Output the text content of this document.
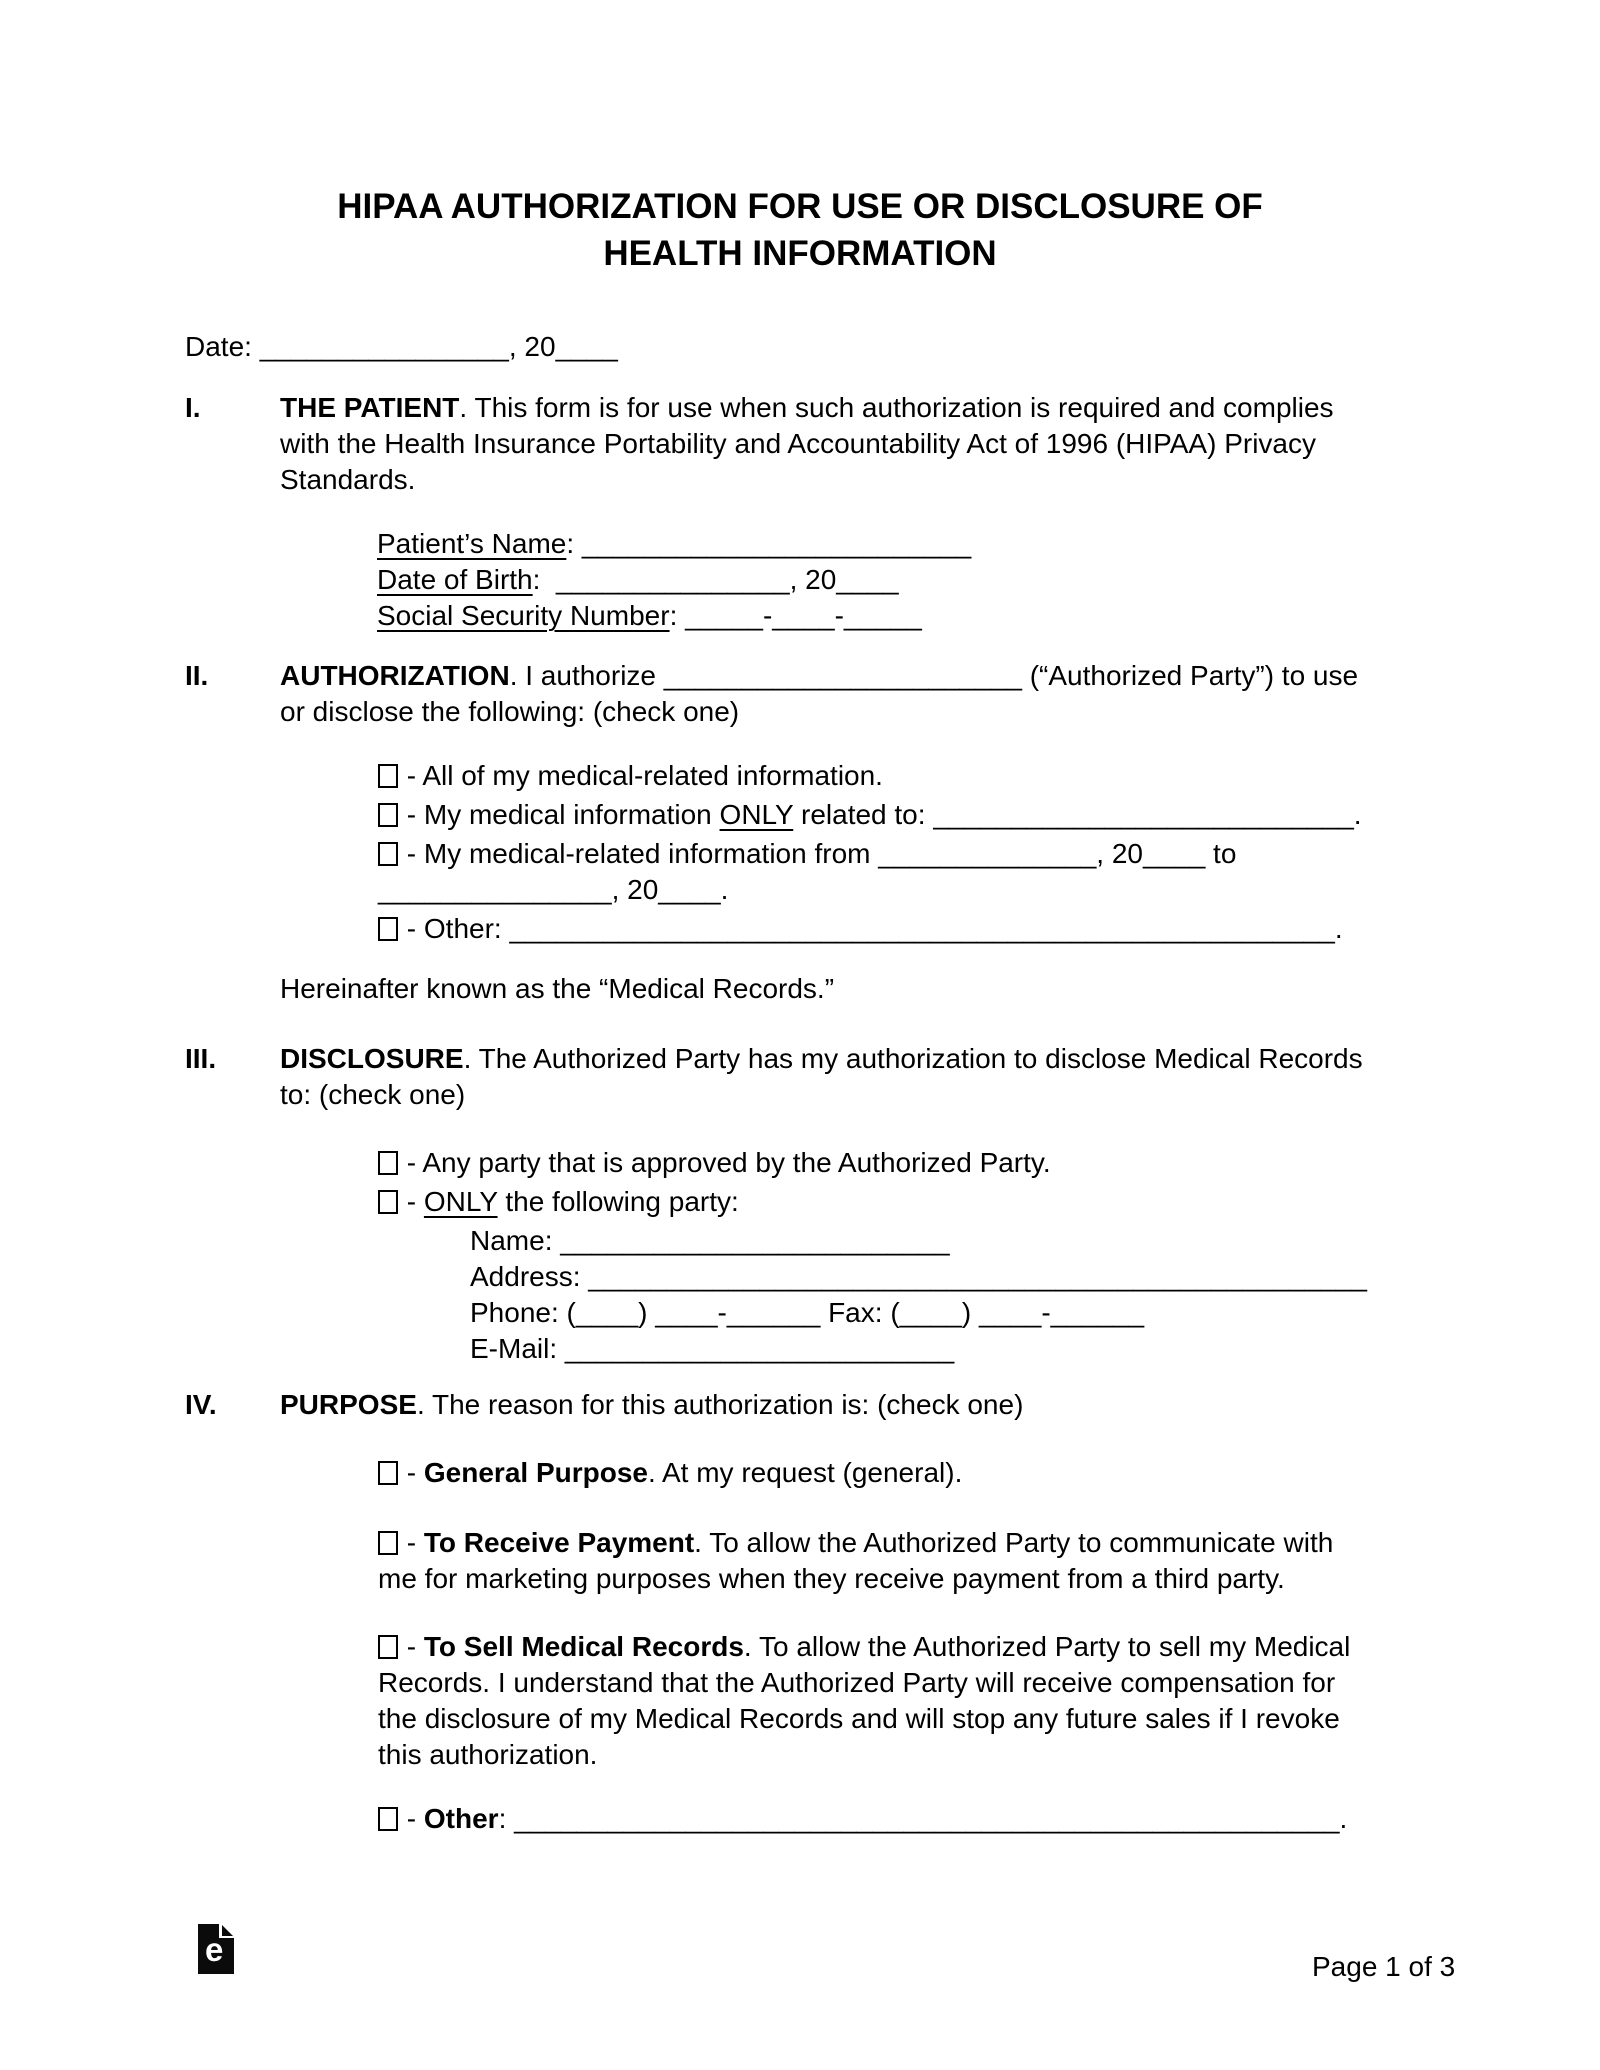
HIPAA AUTHORIZATION FOR USE OR DISCLOSURE OF
HEALTH INFORMATION
Date: ________________, 20____
I.	THE PATIENT. This form is for use when such authorization is required and complies with the Health Insurance Portability and Accountability Act of 1996 (HIPAA) Privacy Standards.
Patient’s Name: _________________________
Date of Birth:  _______________, 20____
Social Security Number: _____-____-_____
II.	AUTHORIZATION. I authorize _______________________ (“Authorized Party”) to use or disclose the following: (check one)
- All of my medical-related information.
- My medical information ONLY related to: ___________________________.
- My medical-related information from ______________, 20____ to _______________, 20____.
- Other: _____________________________________________________.
Hereinafter known as the “Medical Records.”
III.	DISCLOSURE. The Authorized Party has my authorization to disclose Medical Records to: (check one)
- Any party that is approved by the Authorized Party.
- ONLY the following party:
Name: _________________________
Address: __________________________________________________
Phone: (____) ____-______ Fax: (____) ____-______
E-Mail: _________________________
IV.	PURPOSE. The reason for this authorization is: (check one)
- General Purpose. At my request (general).
- To Receive Payment. To allow the Authorized Party to communicate with me for marketing purposes when they receive payment from a third party.
- To Sell Medical Records. To allow the Authorized Party to sell my Medical Records. I understand that the Authorized Party will receive compensation for the disclosure of my Medical Records and will stop any future sales if I revoke this authorization.
- Other: _____________________________________________________.
e	Page 1 of 3
